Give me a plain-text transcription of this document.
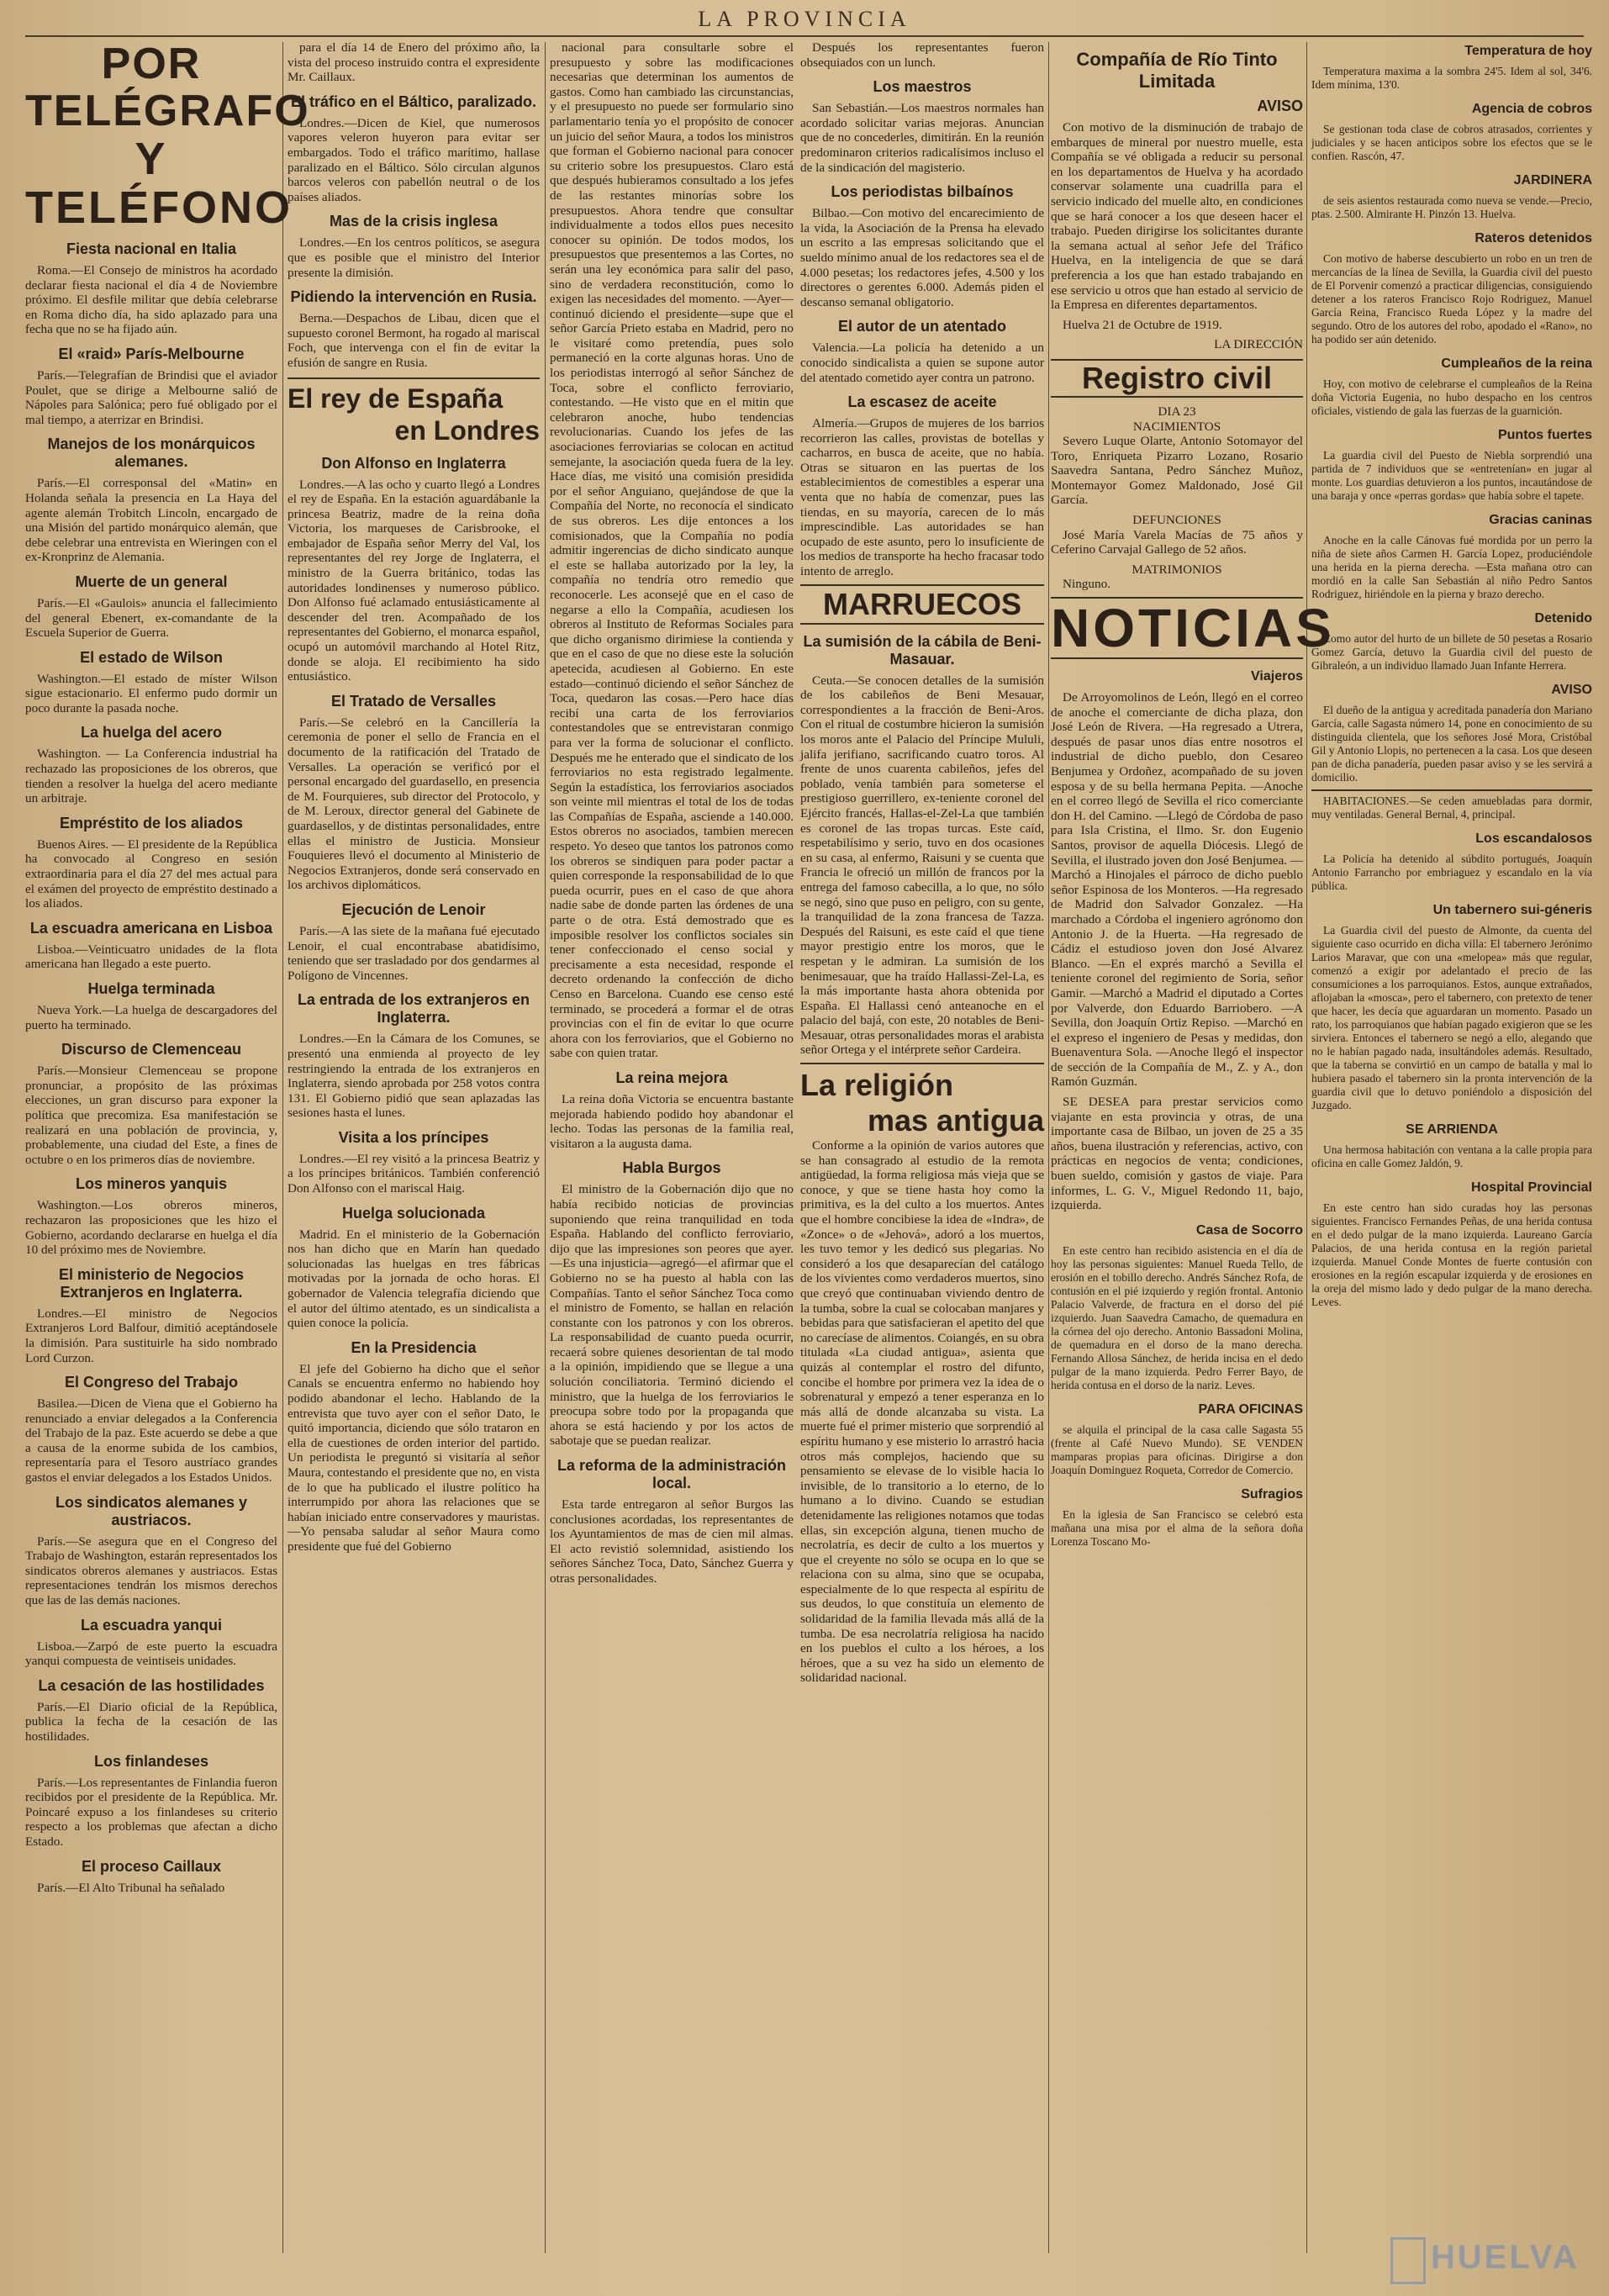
LA PROVINCIA
POR TELÉGRAFO
Y TELÉFONO
Fiesta nacional en Italia

Roma.—El Consejo de ministros ha acordado declarar fiesta nacional el día 4 de Noviembre próximo. El desfile militar que debía celebrarse en Roma dicho día, ha sido aplazado para una fecha que no se ha fijado aún.

El «raid» París-Melbourne

París.—Telegrafían de Brindisi que el aviador Poulet, que se dirige a Melbourne salió de Nápoles para Salónica; pero fué obligado por el mal tiempo, a aterrizar en Brindisi.

Manejos de los monárquicos alemanes.

París.—El corresponsal del «Matin» en Holanda señala la presencia en La Haya del agente alemán Trobitch Lincoln, encargado de una Misión del partido monárquico alemán, que debe celebrar una entrevista en Wieringen con el ex-Kronprinz de Alemania.

Muerte de un general

París.—El «Gaulois» anuncia el fallecimiento del general Ebenert, ex-comandante de la Escuela Superior de Guerra.

El estado de Wilson

Washington.—El estado de míster Wilson sigue estacionario. El enfermo pudo dormir un poco durante la pasada noche.

La huelga del acero

Washington. — La Conferencia industrial ha rechazado las proposiciones de los obreros, que tienden a resolver la huelga del acero mediante un arbitraje.

Empréstito de los aliados

Buenos Aires. — El presidente de la República ha convocado al Congreso en sesión extraordinaria para el día 27 del mes actual para el exámen del proyecto de empréstito destinado a los aliados.

La escuadra americana en Lisboa

Lisboa.—Veinticuatro unidades de la flota americana han llegado a este puerto.

Huelga terminada

Nueva York.—La huelga de descargadores del puerto ha terminado.

Discurso de Clemenceau

París.—Monsieur Clemenceau se propone pronunciar, a propósito de las próximas elecciones, un gran discurso para exponer la política que precomiza. Esa manifestación se realizará en una población de provincia, y, probablemente, una ciudad del Este, a fines de octubre o en los primeros días de noviembre.

Los mineros yanquis

Washington.—Los obreros mineros, rechazaron las proposiciones que les hizo el Gobierno, acordando declararse en huelga el día 10 del próximo mes de Noviembre.

El ministerio de Negocios Extranjeros en Inglaterra.

Londres.—El ministro de Negocios Extranjeros Lord Balfour, dimitió aceptándosele la dimisión. Para sustituirle ha sido nombrado Lord Curzon.

El Congreso del Trabajo

Basilea.—Dicen de Viena que el Gobierno ha renunciado a enviar delegados a la Conferencia del Trabajo de la paz. Este acuerdo se debe a que a causa de la enorme subida de los cambios, representaría para el Tesoro austríaco grandes gastos el enviar delegados a los Estados Unidos.

Los sindicatos alemanes y austriacos.

París.—Se asegura que en el Congreso del Trabajo de Washington, estarán representados los sindicatos obreros alemanes y austriacos. Estas representaciones tendrán los mismos derechos que las de las demás naciones.

La escuadra yanqui

Lisboa.—Zarpó de este puerto la escuadra yanqui compuesta de veintiseis unidades.

La cesación de las hostilidades

París.—El Diario oficial de la República, publica la fecha de la cesación de las hostilidades.

Los finlandeses

París.—Los representantes de Finlandia fueron recibidos por el presidente de la República. Mr. Poincaré expuso a los finlandeses su criterio respecto a los problemas que afectan a dicho Estado.

El proceso Caillaux

París.—El Alto Tribunal ha señalado

para el día 14 de Enero del próximo año, la vista del proceso instruido contra el expresidente Mr. Caillaux.

El tráfico en el Báltico, paralizado.

Londres.—Dicen de Kiel, que numerosos vapores veleron huyeron para evitar ser embargados. Todo el tráfico marítimo, hallase paralizado en el Báltico. Sólo circulan algunos barcos veleros con pabellón neutral o de los países aliados.

Mas de la crisis inglesa

Londres.—En los centros políticos, se asegura que es posible que el ministro del Interior presente la dimisión.

Pidiendo la intervención en Rusia.

Berna.—Despachos de Libau, dicen que el supuesto coronel Bermont, ha rogado al mariscal Foch, que intervenga con el fin de evitar la efusión de sangre en Rusia.

El rey de España
en Londres
Don Alfonso en Inglaterra

Londres.—A las ocho y cuarto llegó a Londres el rey de España. En la estación aguardábanle la princesa Beatriz, madre de la reina doña Victoria, los marqueses de Carisbrooke, el embajador de España señor Merry del Val, los representantes del rey Jorge de Inglaterra, el ministro de la Guerra británico, todas las autoridades londinenses y numeroso público. Don Alfonso fué aclamado entusiásticamente al descender del tren. Acompañado de los representantes del Gobierno, el monarca español, ocupó un automóvil marchando al Hotel Ritz, donde se aloja. El recibimiento ha sido entusiástico.

El Tratado de Versalles

París.—Se celebró en la Cancillería la ceremonia de poner el sello de Francia en el documento de la ratificación del Tratado de Versalles. La operación se verificó por el personal encargado del guardasello, en presencia de M. Fourquieres, sub director del Protocolo, y de M. Leroux, director general del Gabinete de guardasellos, y de distintas personalidades, entre ellas el ministro de Justicia. Monsieur Fouquieres llevó el documento al Ministerio de Negocios Extranjeros, donde será conservado en los archivos diplomáticos.

Ejecución de Lenoir

París.—A las siete de la mañana fué ejecutado Lenoir, el cual encontrabase abatidísimo, teniendo que ser trasladado por dos gendarmes al Polígono de Vincennes.

La entrada de los extranjeros en Inglaterra.

Londres.—En la Cámara de los Comunes, se presentó una enmienda al proyecto de ley restringiendo la entrada de los extranjeros en Inglaterra, siendo aprobada por 258 votos contra 131. El Gobierno pidió que sean aplazadas las sesiones hasta el lunes.

Visita a los príncipes

Londres.—El rey visitó a la princesa Beatriz y a los príncipes británicos. También conferenció Don Alfonso con el mariscal Haig.

Huelga solucionada

Madrid. En el ministerio de la Gobernación nos han dicho que en Marín han quedado solucionadas las huelgas en tres fábricas motivadas por la jornada de ocho horas. El gobernador de Valencia telegrafía diciendo que el autor del último atentado, es un sindicalista a quien conoce la policía.

En la Presidencia

El jefe del Gobierno ha dicho que el señor Canals se encuentra enfermo no habiendo hoy podido abandonar el lecho. Hablando de la entrevista que tuvo ayer con el señor Dato, le quitó importancia, diciendo que sólo trataron en ella de cuestiones de orden interior del partido. Un periodista le preguntó si visitaría al señor Maura, contestando el presidente que no, en vista de lo que ha publicado el ilustre político ha interrumpido por ahora las relaciones que se habían iniciado entre conservadores y mauristas. —Yo pensaba saludar al señor Maura como presidente que fué del Gobierno

nacional para consultarle sobre el presupuesto y sobre las modificaciones necesarias que determinan los aumentos de gastos. Como han cambiado las circunstancias, y el presupuesto no puede ser formulario sino parlamentario tenía yo el propósito de conocer un juicio del señor Maura, a todos los ministros que forman el Gobierno nacional para conocer su criterio sobre los presupuestos. Claro está que después hubieramos consultado a los jefes de las restantes minorías sobre los presupuestos. Ahora tendre que consultar individualmente a todos ellos pues necesito conocer su opinión. De todos modos, los presupuestos que presentemos a las Cortes, no serán una ley económica para salir del paso, sino de verdadera reconstitución, como lo exigen las necesidades del momento. —Ayer—continuó diciendo el presidente—supe que el señor García Prieto estaba en Madrid, pero no le visitaré como pretendía, pues solo permaneció en la corte algunas horas. Uno de los periodistas interrogó al señor Sánchez de Toca, sobre el conflicto ferroviario, contestando. —He visto que en el mitin que celebraron anoche, hubo tendencias revolucionarias. Cuando los jefes de las asociaciones ferroviarias se colocan en actitud semejante, la asociación queda fuera de la ley. Hace días, me visitó una comisión presidida por el señor Anguiano, quejándose de que la Compañía del Norte, no reconocía el sindicato de sus obreros. Les dije entonces a los comisionados, que la Compañía no podía admitir ingerencias de dicho sindicato aunque el este se hallaba autorizado por la ley, la compañía no tendría otro remedio que reconocerle. Les aconsejé que en el caso de negarse a ello la Compañía, acudiesen los obreros al Instituto de Reformas Sociales para que dicho organismo dirimiese la contienda y que en el caso de que no diese este la solución apetecida, acudiesen al Gobierno. En este estado—continuó diciendo el señor Sánchez de Toca, quedaron las cosas.—Pero hace días recibí una carta de los ferroviarios contestandoles que se entrevistaran conmigo para ver la forma de solucionar el conflicto. Después me he enterado que el sindicato de los ferroviarios no esta registrado legalmente. Según la estadística, los ferroviarios asociados son veinte mil mientras el total de los de todas las Compañías de España, asciende a 140.000. Estos obreros no asociados, tambien merecen respeto. Yo deseo que tantos los patronos como los obreros se sindiquen para poder pactar a quien corresponde la responsabilidad de lo que pueda ocurrir, pues en el caso de que ahora nadie sabe de donde parten las órdenes de una parte o de otra. Está demostrado que es imposible resolver los conflictos sociales sin tener confeccionado el censo social y precisamente a esta necesidad, responde el decreto ordenando la confección de dicho Censo en Barcelona. Cuando ese censo esté terminado, se procederá a formar el de otras provincias con el fin de evitar lo que ocurre ahora con los ferroviarios, que el Gobierno no sabe con quien tratar.

La reina mejora

La reina doña Victoria se encuentra bastante mejorada habiendo podido hoy abandonar el lecho. Todas las personas de la familia real, visitaron a la augusta dama.

Habla Burgos

El ministro de la Gobernación dijo que no había recibido noticias de provincias suponiendo que reina tranquilidad en toda España. Hablando del conflicto ferroviario, dijo que las impresiones son peores que ayer. —Es una injusticia—agregó—el afirmar que el Gobierno no se ha puesto al habla con las Compañías. Tanto el señor Sánchez Toca como el ministro de Fomento, se hallan en relación constante con los patronos y con los obreros. La responsabilidad de cuanto pueda ocurrir, recaerá sobre quienes desorientan de tal modo a la opinión, impidiendo que se llegue a una solución conciliatoria. Terminó diciendo el ministro, que la huelga de los ferroviarios le preocupa sobre todo por la propaganda que ahora se está haciendo y por los actos de sabotaje que se puedan realizar.

La reforma de la administración local.

Esta tarde entregaron al señor Burgos las conclusiones acordadas, los representantes de los Ayuntamientos de mas de cien mil almas. El acto revistió solemnidad, asistiendo los señores Sánchez Toca, Dato, Sánchez Guerra y otras personalidades.

Después los representantes fueron obsequiados con un lunch.

Los maestros

San Sebastián.—Los maestros normales han acordado solicitar varias mejoras. Anuncian que de no concederles, dimitirán. En la reunión predominaron criterios radicalísimos incluso el de la sindicación del magisterio.

Los periodistas bilbaínos

Bilbao.—Con motivo del encarecimiento de la vida, la Asociación de la Prensa ha elevado un escrito a las empresas solicitando que el sueldo mínimo anual de los redactores sea el de 4.000 pesetas; los redactores jefes, 4.500 y los directores o gerentes 6.000. Además piden el descanso semanal obligatorio.

El autor de un atentado

Valencia.—La policía ha detenido a un conocido sindicalista a quien se supone autor del atentado cometido ayer contra un patrono.

La escasez de aceite

Almería.—Grupos de mujeres de los barrios recorrieron las calles, provistas de botellas y cacharros, en busca de aceite, que no había. Otras se situaron en las puertas de los establecimientos de comestibles a esperar una venta que no había de comenzar, pues las tiendas, en su mayoría, carecen de lo más imprescindible. Las autoridades se han ocupado de este asunto, pero lo insuficiente de los medios de transporte ha hecho fracasar todo intento de arreglo.

MARRUECOS
La sumisión de la cábila de Beni-Masauar.

Ceuta.—Se conocen detalles de la sumisión de los cabileños de Beni Mesauar, correspondientes a la fracción de Beni-Aros. Con el ritual de costumbre hicieron la sumisión los moros ante el Palacio del Príncipe Mululi, jalifa jerifiano, sacrificando cuatro toros. Al frente de unos cuarenta cabileños, jefes del poblado, venía también para someterse el prestigioso guerrillero, ex-teniente coronel del Ejército francés, Hallas-el-Zel-La que también es coronel de las tropas turcas. Este caíd, respetabilísimo y serio, tuvo en dos ocasiones en su casa, al enfermo, Raisuni y se cuenta que Francia le ofreció un millón de francos por la entrega del famoso cabecilla, a lo que, no sólo se negó, sino que puso en peligro, con su gente, la tranquilidad de la zona francesa de Tazza. Después del Raisuni, es este caíd el que tiene mayor prestigio entre los moros, que le respetan y le admiran. La sumisión de los benimesauar, que ha traído Hallassi-Zel-La, es la más importante hasta ahora obtenida por España. El Hallassi cenó anteanoche en el palacio del bajá, con este, 20 notables de Beni-Mesauar, otras personalidades moras el arabista señor Ortega y el intérprete señor Cardeira.

La religión
mas antigua

Conforme a la opinión de varios autores que se han consagrado al estudio de la remota antigüedad, la forma religiosa más vieja que se conoce, y que se tiene hasta hoy como la primitiva, es la del culto a los muertos. Antes que el hombre concibiese la idea de «Indra», de «Zonce» o de «Jehová», adoró a los muertos, les tuvo temor y les dedicó sus plegarias. No consideró a los que desaparecían del catálogo de los vivientes como verdaderos muertos, sino que creyó que continuaban viviendo dentro de la tumba, sobre la cual se colocaban manjares y bebidas para que satisfacieran el apetito del que no carecíase de alimentos. Coiangés, en su obra titulada «La ciudad antigua», asienta que quizás al contemplar el rostro del difunto, concibe el hombre por primera vez la idea de o sobrenatural y empezó a tener esperanza en lo más allá de donde alcanzaba su vista. La muerte fué el primer misterio que sorprendió al espíritu humano y ese misterio lo arrastró hacia otros más complejos, haciendo que su pensamiento se elevase de lo visible hacia lo invisible, de lo transitorio a lo eterno, de lo humano a lo divino. Cuando se estudian detenidamente las religiones notamos que todas ellas, sin excepción alguna, tienen mucho de necrolatría, es decir de culto a los muertos y que el creyente no sólo se ocupa en lo que se relaciona con su alma, sino que se ocupaba, especialmente de lo que respecta al espíritu de sus deudos, lo que constituía un elemento de solidaridad de la familia llevada más allá de la tumba. De esa necrolatría religiosa ha nacido en los pueblos el culto a los héroes, a los héroes, que a su vez ha sido un elemento de solidaridad nacional.

Compañía de Río Tinto Limitada
AVISO

Con motivo de la disminución de trabajo de embarques de mineral por nuestro muelle, esta Compañía se vé obligada a reducir su personal en los departamentos de Huelva y ha acordado conservar solamente una cuadrilla para el servicio indicado del muelle alto, en condiciones que se hará conocer a los que deseen hacer el trabajo. Pueden dirigirse los solicitantes durante la semana actual al señor Jefe del Tráfico Huelva, en la inteligencia de que se dará preferencia a los que han estado trabajando en ese servicio u otros que han estado al servicio de la Empresa en diferentes departamentos.

Huelva 21 de Octubre de 1919.

LA DIRECCIÓN

Registro civil
DIA 23
NACIMIENTOS

Severo Luque Olarte, Antonio Sotomayor del Toro, Enriqueta Pizarro Lozano, Rosario Saavedra Santana, Pedro Sánchez Muñoz, Montemayor Gomez Maldonado, José Gil García.

DEFUNCIONES

José María Varela Macías de 75 años y Ceferino Carvajal Gallego de 52 años.

MATRIMONIOS

Ninguno.

NOTICIAS
Viajeros

De Arroyomolinos de León, llegó en el correo de anoche el comerciante de dicha plaza, don José León de Rivera. —Ha regresado a Utrera, después de pasar unos días entre nosotros el industrial de dicho pueblo, don Cesareo Benjumea y Ordoñez, acompañado de su joven esposa y de su bella hermana Pepita. —Anoche en el correo llegó de Sevilla el rico comerciante don H. del Camino. —Llegó de Córdoba de paso para Isla Cristina, el Ilmo. Sr. don Eugenio Santos, provisor de aquella Diócesis. Llegó de Sevilla, el ilustrado joven don José Benjumea. —Marchó a Hinojales el párroco de dicho pueblo señor Espinosa de los Monteros. —Ha regresado de Madrid don Salvador Gonzalez. —Ha marchado a Córdoba el ingeniero agrónomo don Antonio J. de la Huerta. —Ha regresado de Cádiz el estudioso joven don José Alvarez Blanco. —En el exprés marchó a Sevilla el teniente coronel del regimiento de Soria, señor Gamir. —Marchó a Madrid el diputado a Cortes por Valverde, don Eduardo Barriobero. —A Sevilla, don Joaquín Ortiz Repiso. —Marchó en el expreso el ingeniero de Pesas y medidas, don Buenaventura Sola. —Anoche llegó el inspector de sección de la Compañía de M., Z. y A., don Ramón Guzmán.

SE DESEA para prestar servicios como viajante en esta provincia y otras, de una importante casa de Bilbao, un joven de 25 a 35 años, buena ilustración y referencias, activo, con prácticas en negocios de venta; condiciones, buen sueldo, comisión y gastos de viaje. Para informes, L. G. V., Miguel Redondo 11, bajo, izquierda.

Casa de Socorro

En este centro han recibido asistencia en el día de hoy las personas siguientes: Manuel Rueda Tello, de erosión en el tobillo derecho. Andrés Sánchez Rofa, de contusión en el pié izquierdo y región frontal. Antonio Palacio Valverde, de fractura en el dorso del pié izquierdo. Juan Saavedra Camacho, de quemadura en la córnea del ojo derecho. Antonio Bassadoni Molina, de quemadura en el dorso de la mano derecha. Fernando Allosa Sánchez, de herida incisa en el dedo pulgar de la mano izquierda. Pedro Ferrer Bayo, de herida contusa en el dorso de la nariz. Leves.

PARA OFICINAS

se alquila el principal de la casa calle Sagasta 55 (frente al Café Nuevo Mundo). SE VENDEN mamparas propias para oficinas. Dirigirse a don Joaquín Dominguez Roqueta, Corredor de Comercio.

Sufragios

En la iglesia de San Francisco se celebró esta mañana una misa por el alma de la señora doña Lorenza Toscano Mo-

Temperatura de hoy

Temperatura maxima a la sombra 24'5. Idem al sol, 34'6. Idem mínima, 13'0.

Agencia de cobros

Se gestionan toda clase de cobros atrasados, corrientes y judiciales y se hacen anticipos sobre los efectos que se le confien. Rascón, 47.

JARDINERA

de seis asientos restaurada como nueva se vende.—Precio, ptas. 2.500. Almirante H. Pinzón 13. Huelva.

Rateros detenidos

Con motivo de haberse descubierto un robo en un tren de mercancías de la línea de Sevilla, la Guardia civil del puesto de El Porvenir comenzó a practicar diligencias, consiguiendo detener a los rateros Francisco Rojo Rodriguez, Manuel García Reina, Francisco Rueda López y la madre del segundo. Otro de los autores del robo, apodado el «Rano», no ha podido ser aún detenido.

Cumpleaños de la reina

Hoy, con motivo de celebrarse el cumpleaños de la Reina doña Victoria Eugenia, no hubo despacho en los centros oficiales, vistiendo de gala las fuerzas de la guarnición.

Puntos fuertes

La guardia civil del Puesto de Niebla sorprendió una partida de 7 individuos que se «entretenían» en jugar al monte. Los guardias detuvieron a los puntos, incautándose de una baraja y once «perras gordas» que había sobre el tapete.

Gracias caninas

Anoche en la calle Cánovas fué mordida por un perro la niña de siete años Carmen H. García Lopez, produciéndole una herida en la pierna derecha. —Esta mañana otro can mordió en la calle San Sebastián al niño Pedro Santos Rodriguez, hiriéndole en la pierna y brazo derecho.

Detenido

Como autor del hurto de un billete de 50 pesetas a Rosario Gomez García, detuvo la Guardia civil del puesto de Gibraleón, a un individuo llamado Juan Infante Herrera.

AVISO

El dueño de la antigua y acreditada panadería don Mariano García, calle Sagasta número 14, pone en conocimiento de su distinguida clientela, que los señores José Mora, Cristóbal Gil y Antonio Llopis, no pertenecen a la casa. Los que deseen pan de dicha panadería, pueden pasar aviso y se les servirá a domicilio.

HABITACIONES.—Se ceden amuebladas para dormir, muy ventiladas. General Bernal, 4, principal.

Los escandalosos

La Policía ha detenido al súbdito portugués, Joaquín Antonio Farrancho por embriaguez y escandalo en la vía pública.

Un tabernero sui-géneris

La Guardia civil del puesto de Almonte, da cuenta del siguiente caso ocurrido en dicha villa: El tabernero Jerónimo Larios Maravar, que con una «melopea» más que regular, comenzó a exigir por adelantado el precio de las consumiciones a los parroquianos. Estos, aunque extrañados, aflojaban la «mosca», pero el tabernero, con pretexto de tener que hacer, les decía que aguardaran un momento. Pasado un rato, los parroquianos que habían pagado exigieron que se les sirviera. Entonces el tabernero se negó a ello, alegando que no le habían pagado nada, insultándoles además. Resultado, que la taberna se convirtió en un campo de batalla y mal lo hubiera pasado el tabernero sin la pronta intervención de la guardia civil que lo detuvo poniéndolo a disposición del Juzgado.

SE ARRIENDA

Una hermosa habitación con ventana a la calle propia para oficina en calle Gomez Jaldón, 9.

Hospital Provincial

En este centro han sido curadas hoy las personas siguientes. Francisco Fernandes Peñas, de una herida contusa en el dedo pulgar de la mano izquierda. Laureano García Palacios, de una herida contusa en la región parietal izquierda. Manuel Conde Montes de fuerte contusión con erosiones en la región escapular izquierda y de erosiones en la oreja del mismo lado y dedo pulgar de la mano derecha. Leves.

HUELVA
